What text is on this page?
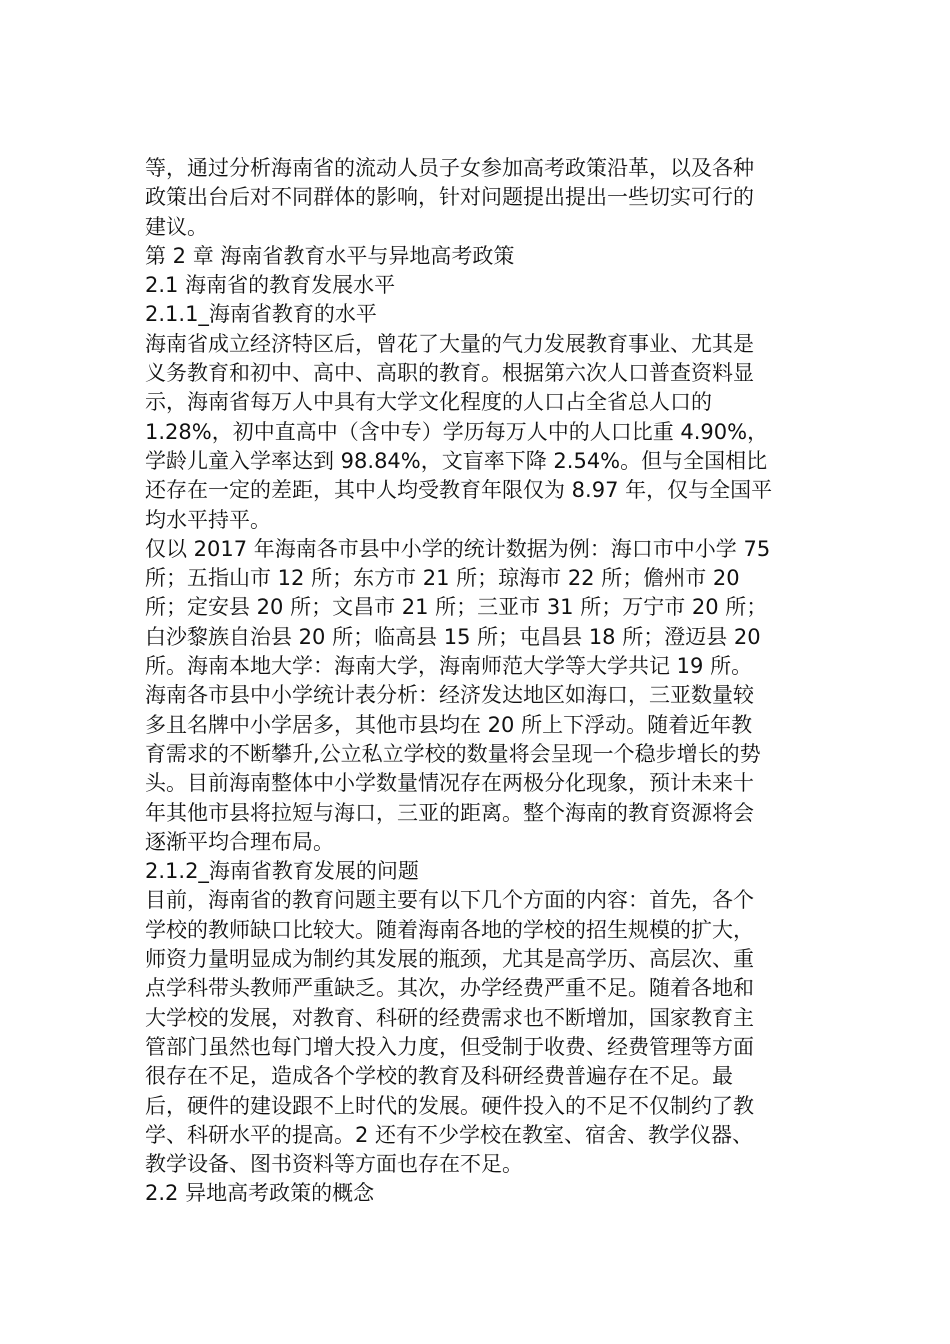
等，通过分析海南省的流动人员子女参加高考政策沿革，以及各种

政策出台后对不同群体的影响，针对问题提出提出一些切实可行的

建议。

第 2 章 海南省教育水平与异地高考政策

2.1 海南省的教育发展水平

2.1.1_海南省教育的水平

海南省成立经济特区后，曾花了大量的气力发展教育事业、尤其是

义务教育和初中、高中、高职的教育。根据第六次人口普查资料显

示，海南省每万人中具有大学文化程度的人口占全省总人口的

1.28%，初中直高中（含中专）学历每万人中的人口比重 4.90%，

学龄儿童入学率达到 98.84%，文盲率下降 2.54%。但与全国相比

还存在一定的差距，其中人均受教育年限仅为 8.97 年，仅与全国平

均水平持平。

仅以 2017 年海南各市县中小学的统计数据为例：海口市中小学 75

所；五指山市 12 所；东方市 21 所；琼海市 22 所；儋州市 20

所；定安县 20 所；文昌市 21 所；三亚市 31 所；万宁市 20 所；

白沙黎族自治县 20 所；临高县 15 所；屯昌县 18 所；澄迈县 20

所。海南本地大学：海南大学，海南师范大学等大学共记 19 所。

海南各市县中小学统计表分析：经济发达地区如海口，三亚数量较

多且名牌中小学居多，其他市县均在 20 所上下浮动。随着近年教

育需求的不断攀升,公立私立学校的数量将会呈现一个稳步增长的势

头。目前海南整体中小学数量情况存在两极分化现象，预计未来十

年其他市县将拉短与海口，三亚的距离。整个海南的教育资源将会

逐渐平均合理布局。

2.1.2_海南省教育发展的问题

目前，海南省的教育问题主要有以下几个方面的内容：首先，各个

学校的教师缺口比较大。随着海南各地的学校的招生规模的扩大，

师资力量明显成为制约其发展的瓶颈，尤其是高学历、高层次、重

点学科带头教师严重缺乏。其次，办学经费严重不足。随着各地和

大学校的发展，对教育、科研的经费需求也不断增加，国家教育主

管部门虽然也每门增大投入力度，但受制于收费、经费管理等方面

很存在不足，造成各个学校的教育及科研经费普遍存在不足。最

后，硬件的建设跟不上时代的发展。硬件投入的不足不仅制约了教

学、科研水平的提高。2 还有不少学校在教室、宿舍、教学仪器、

教学设备、图书资料等方面也存在不足。

2.2 异地高考政策的概念
